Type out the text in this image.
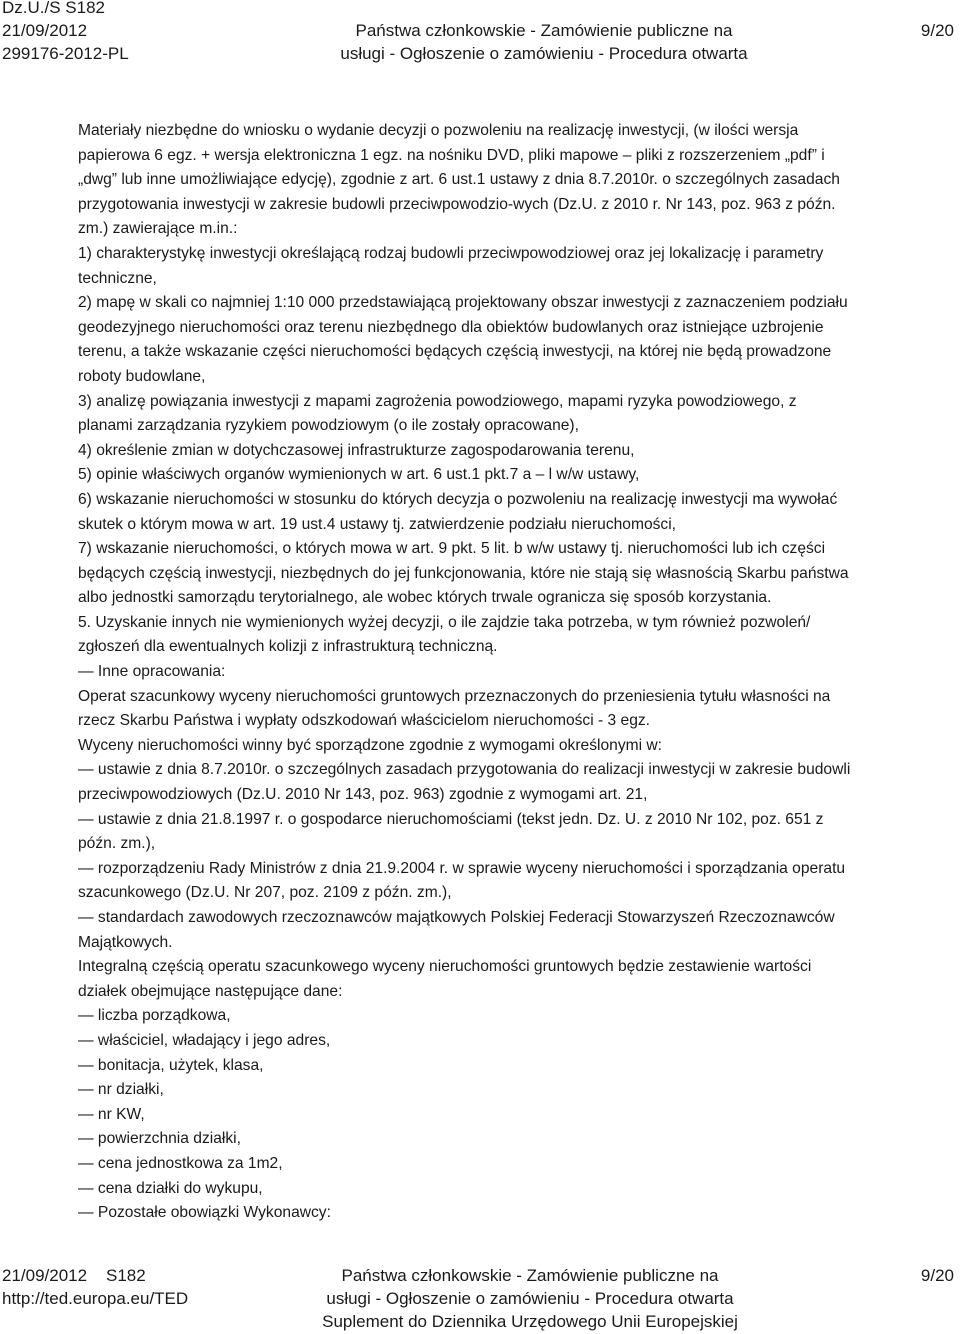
Dz.U./S S182
21/09/2012
299176-2012-PL
Państwa członkowskie - Zamówienie publiczne na
usługi - Ogłoszenie o zamówieniu - Procedura otwarta
9/20
Materiały niezbędne do wniosku o wydanie decyzji o pozwoleniu na realizację inwestycji, (w ilości wersja
papierowa 6 egz. + wersja elektroniczna 1 egz. na nośniku DVD, pliki mapowe – pliki z rozszerzeniem „pdf” i
„dwg” lub inne umożliwiające edycję), zgodnie z art. 6 ust.1 ustawy z dnia 8.7.2010r. o szczególnych zasadach
przygotowania inwestycji w zakresie budowli przeciwpowodzio-wych (Dz.U. z 2010 r. Nr 143, poz. 963 z późn.
zm.) zawierające m.in.:
1) charakterystykę inwestycji określającą rodzaj budowli przeciwpowodziowej oraz jej lokalizację i parametry
techniczne,
2) mapę w skali co najmniej 1:10 000 przedstawiającą projektowany obszar inwestycji z zaznaczeniem podziału
geodezyjnego nieruchomości oraz terenu niezbędnego dla obiektów budowlanych oraz istniejące uzbrojenie
terenu, a także wskazanie części nieruchomości będących częścią inwestycji, na której nie będą prowadzone
roboty budowlane,
3) analizę powiązania inwestycji z mapami zagrożenia powodziowego, mapami ryzyka powodziowego, z
planami zarządzania ryzykiem powodziowym (o ile zostały opracowane),
4) określenie zmian w dotychczasowej infrastrukturze zagospodarowania terenu,
5) opinie właściwych organów wymienionych w art. 6 ust.1 pkt.7 a – l w/w ustawy,
6) wskazanie nieruchomości w stosunku do których decyzja o pozwoleniu na realizację inwestycji ma wywołać
skutek o którym mowa w art. 19 ust.4 ustawy tj. zatwierdzenie podziału nieruchomości,
7) wskazanie nieruchomości, o których mowa w art. 9 pkt. 5 lit. b w/w ustawy tj. nieruchomości lub ich części
będących częścią inwestycji, niezbędnych do jej funkcjonowania, które nie stają się własnością Skarbu państwa
albo jednostki samorządu terytorialnego, ale wobec których trwale ogranicza się sposób korzystania.
5. Uzyskanie innych nie wymienionych wyżej decyzji, o ile zajdzie taka potrzeba, w tym również pozwoleń/
zgłoszeń dla ewentualnych kolizji z infrastrukturą techniczną.
— Inne opracowania:
Operat szacunkowy wyceny nieruchomości gruntowych przeznaczonych do przeniesienia tytułu własności na
rzecz Skarbu Państwa i wypłaty odszkodowań właścicielom nieruchomości - 3 egz.
Wyceny nieruchomości winny być sporządzone zgodnie z wymogami określonymi w:
— ustawie z dnia 8.7.2010r. o szczególnych zasadach przygotowania do realizacji inwestycji w zakresie budowli
przeciwpowodziowych (Dz.U. 2010 Nr 143, poz. 963) zgodnie z wymogami art. 21,
— ustawie z dnia 21.8.1997 r. o gospodarce nieruchomościami (tekst jedn. Dz. U. z 2010 Nr 102, poz. 651 z
późn. zm.),
— rozporządzeniu Rady Ministrów z dnia 21.9.2004 r. w sprawie wyceny nieruchomości i sporządzania operatu
szacunkowego (Dz.U. Nr 207, poz. 2109 z późn. zm.),
— standardach zawodowych rzeczoznawców majątkowych Polskiej Federacji Stowarzyszeń Rzeczoznawców
Majątkowych.
Integralną częścią operatu szacunkowego wyceny nieruchomości gruntowych będzie zestawienie wartości
działek obejmujące następujące dane:
— liczba porządkowa,
— właściciel, władający i jego adres,
— bonitacja, użytek, klasa,
— nr działki,
— nr KW,
— powierzchnia działki,
— cena jednostkowa za 1m2,
— cena działki do wykupu,
— Pozostałe obowiązki Wykonawcy:
21/09/2012 S182
http://ted.europa.eu/TED
Państwa członkowskie - Zamówienie publiczne na
usługi - Ogłoszenie o zamówieniu - Procedura otwarta
Suplement do Dziennika Urzędowego Unii Europejskiej
9/20
